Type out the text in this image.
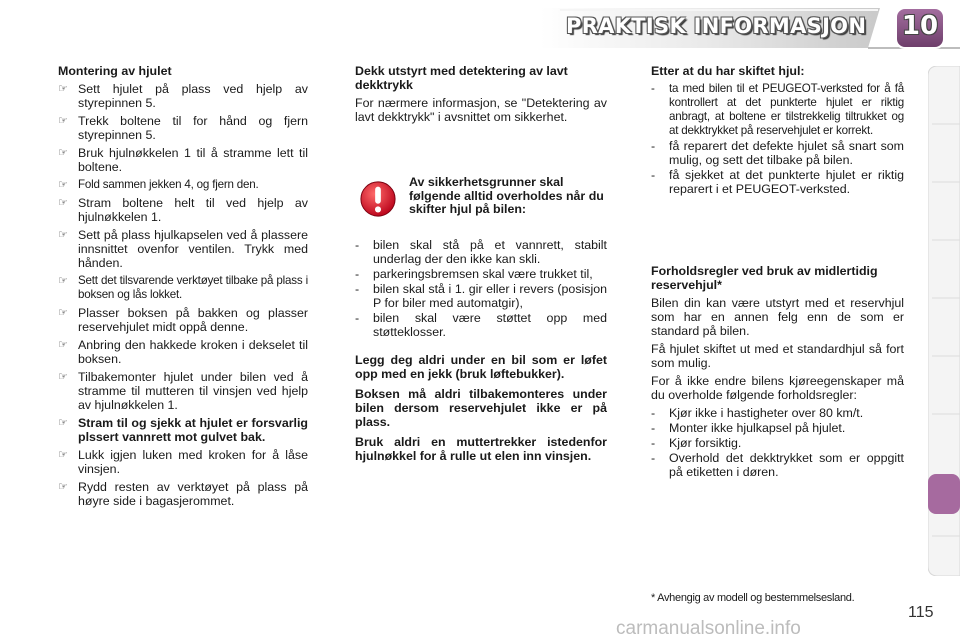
PRAKTISK INFORMASJON 10
Montering av hjulet
☞ Sett hjulet på plass ved hjelp av styrepinnen 5.
☞ Trekk boltene til for hånd og fjern styrepinnen 5.
☞ Bruk hjulnøkkelen 1 til å stramme lett til boltene.
☞ Fold sammen jekken 4, og fjern den.
☞ Stram boltene helt til ved hjelp av hjulnøkkelen 1.
☞ Sett på plass hjulkapselen ved å plassere innsnittet ovenfor ventilen. Trykk med hånden.
☞ Sett det tilsvarende verktøyet tilbake på plass i boksen og lås lokket.
☞ Plasser boksen på bakken og plasser reservehjulet midt oppå denne.
☞ Anbring den hakkede kroken i dekselet til boksen.
☞ Tilbakemonter hjulet under bilen ved å stramme til mutteren til vinsjen ved hjelp av hjulnøkkelen 1.
☞ Stram til og sjekk at hjulet er forsvarlig plssert vannrett mot gulvet bak.
☞ Lukk igjen luken med kroken for å låse vinsjen.
☞ Rydd resten av verktøyet på plass på høyre side i bagasjerommet.
Dekk utstyrt med detektering av lavt dekktrykk
For nærmere informasjon, se "Detektering av lavt dekktrykk" i avsnittet om sikkerhet.
Av sikkerhetsgrunner skal følgende alltid overholdes når du skifter hjul på bilen:
- bilen skal stå på et vannrett, stabilt underlag der den ikke kan skli.
- parkeringsbremsen skal være trukket til,
- bilen skal stå i 1. gir eller i revers (posisjon P for biler med automatgir),
- bilen skal være støttet opp med støtteklosser.
Legg deg aldri under en bil som er løfet opp med en jekk (bruk løftebukker).
Boksen må aldri tilbakemonteres under bilen dersom reservehjulet ikke er på plass.
Bruk aldri en muttertrekker istedenfor hjulnøkkel for å rulle ut elen inn vinsjen.
Etter at du har skiftet hjul:
- ta med bilen til et PEUGEOT-verksted for å få kontrollert at det punkterte hjulet er riktig anbragt, at boltene er tilstrekkelig tiltrukket og at dekktrykket på reservehjulet er korrekt.
- få reparert det defekte hjulet så snart som mulig, og sett det tilbake på bilen.
- få sjekket at det punkterte hjulet er riktig reparert i et PEUGEOT-verksted.
Forholdsregler ved bruk av midlertidig reservehjul*
Bilen din kan være utstyrt med et reservhjul som har en annen felg enn de som er standard på bilen.
Få hjulet skiftet ut med et standardhjul så fort som mulig.
For å ikke endre bilens kjøreegenskaper må du overholde følgende forholdsregler:
- Kjør ikke i hastigheter over 80 km/t.
- Monter ikke hjulkapsel på hjulet.
- Kjør forsiktig.
- Overhold det dekktrykket som er oppgitt på etiketten i døren.
* Avhengig av modell og bestemmelsesland.
115
carmanualsonline.info
